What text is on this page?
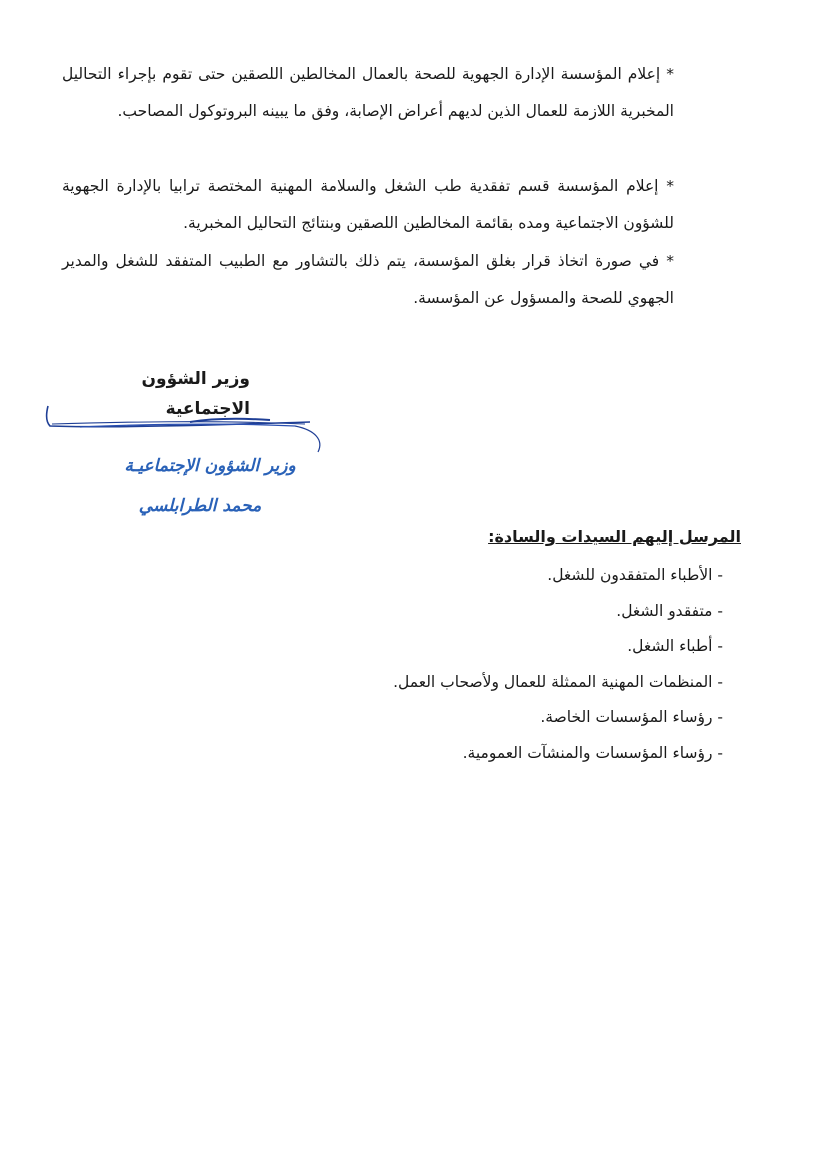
* إعلام المؤسسة الإدارة الجهوية للصحة بالعمال المخالطين اللصقين حتى تقوم بإجراء التحاليل المخبرية اللازمة للعمال الذين لديهم أعراض الإصابة، وفق ما يبينه البروتوكول المصاحب.

* إعلام المؤسسة قسم تفقدية طب الشغل والسلامة المهنية المختصة ترابيا بالإدارة الجهوية للشؤون الاجتماعية ومده بقائمة المخالطين اللصقين وبنتائج التحاليل المخبرية.

* في صورة اتخاذ قرار بغلق المؤسسة، يتم ذلك بالتشاور مع الطبيب المتفقد للشغل والمدير الجهوي للصحة والمسؤول عن المؤسسة.

وزير الشؤون الاجتماعية

وزير الشؤون الإجتماعيـة

محمد الطرابلسي

المرسل إليهم السيدات والسادة:

- الأطباء المتفقدون للشغل.
- متفقدو الشغل.
- أطباء الشغل.
- المنظمات المهنية الممثلة للعمال ولأصحاب العمل.
- رؤساء المؤسسات الخاصة.
- رؤساء المؤسسات والمنشآت العمومية.
